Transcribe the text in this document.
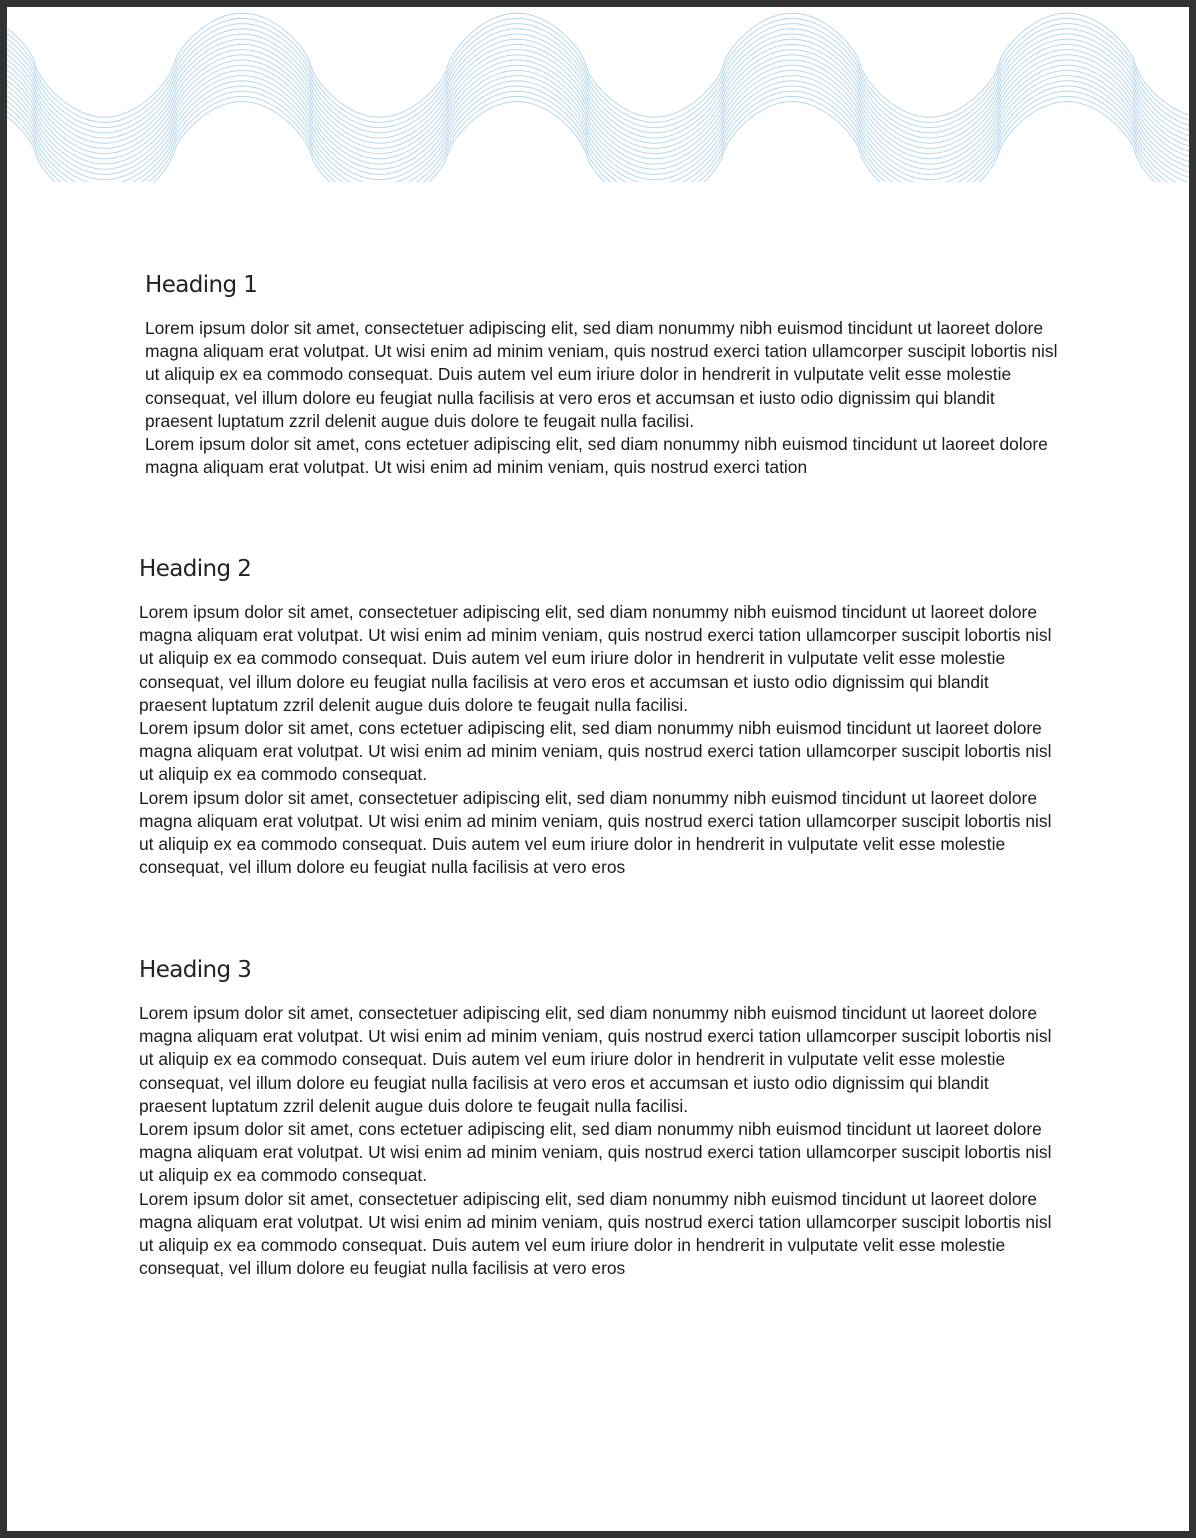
Heading 1

Lorem ipsum dolor sit amet, consectetuer adipiscing elit, sed diam nonummy nibh euismod tincidunt ut laoreet dolore magna aliquam erat volutpat. Ut wisi enim ad minim veniam, quis nostrud exerci tation ullamcorper suscipit lobortis nisl ut aliquip ex ea commodo consequat. Duis autem vel eum iriure dolor in hendrerit in vulputate velit esse molestie consequat, vel illum dolore eu feugiat nulla facilisis at vero eros et accumsan et iusto odio dignissim qui blandit praesent luptatum zzril delenit augue duis dolore te feugait nulla facilisi.

Lorem ipsum dolor sit amet, cons ectetuer adipiscing elit, sed diam nonummy nibh euismod tincidunt ut laoreet dolore magna aliquam erat volutpat. Ut wisi enim ad minim veniam, quis nostrud exerci tation

Heading 2

Lorem ipsum dolor sit amet, consectetuer adipiscing elit, sed diam nonummy nibh euismod tincidunt ut laoreet dolore magna aliquam erat volutpat. Ut wisi enim ad minim veniam, quis nostrud exerci tation ullamcorper suscipit lobortis nisl ut aliquip ex ea commodo consequat. Duis autem vel eum iriure dolor in hendrerit in vulputate velit esse molestie consequat, vel illum dolore eu feugiat nulla facilisis at vero eros et accumsan et iusto odio dignissim qui blandit praesent luptatum zzril delenit augue duis dolore te feugait nulla facilisi.

Lorem ipsum dolor sit amet, cons ectetuer adipiscing elit, sed diam nonummy nibh euismod tincidunt ut laoreet dolore magna aliquam erat volutpat. Ut wisi enim ad minim veniam, quis nostrud exerci tation ullamcorper suscipit lobortis nisl ut aliquip ex ea commodo consequat.

Lorem ipsum dolor sit amet, consectetuer adipiscing elit, sed diam nonummy nibh euismod tincidunt ut laoreet dolore magna aliquam erat volutpat. Ut wisi enim ad minim veniam, quis nostrud exerci tation ullamcorper suscipit lobortis nisl ut aliquip ex ea commodo consequat. Duis autem vel eum iriure dolor in hendrerit in vulputate velit esse molestie consequat, vel illum dolore eu feugiat nulla facilisis at vero eros

Heading 3

Lorem ipsum dolor sit amet, consectetuer adipiscing elit, sed diam nonummy nibh euismod tincidunt ut laoreet dolore magna aliquam erat volutpat. Ut wisi enim ad minim veniam, quis nostrud exerci tation ullamcorper suscipit lobortis nisl ut aliquip ex ea commodo consequat. Duis autem vel eum iriure dolor in hendrerit in vulputate velit esse molestie consequat, vel illum dolore eu feugiat nulla facilisis at vero eros et accumsan et iusto odio dignissim qui blandit praesent luptatum zzril delenit augue duis dolore te feugait nulla facilisi.

Lorem ipsum dolor sit amet, cons ectetuer adipiscing elit, sed diam nonummy nibh euismod tincidunt ut laoreet dolore magna aliquam erat volutpat. Ut wisi enim ad minim veniam, quis nostrud exerci tation ullamcorper suscipit lobortis nisl ut aliquip ex ea commodo consequat.

Lorem ipsum dolor sit amet, consectetuer adipiscing elit, sed diam nonummy nibh euismod tincidunt ut laoreet dolore magna aliquam erat volutpat. Ut wisi enim ad minim veniam, quis nostrud exerci tation ullamcorper suscipit lobortis nisl ut aliquip ex ea commodo consequat. Duis autem vel eum iriure dolor in hendrerit in vulputate velit esse molestie consequat, vel illum dolore eu feugiat nulla facilisis at vero eros
